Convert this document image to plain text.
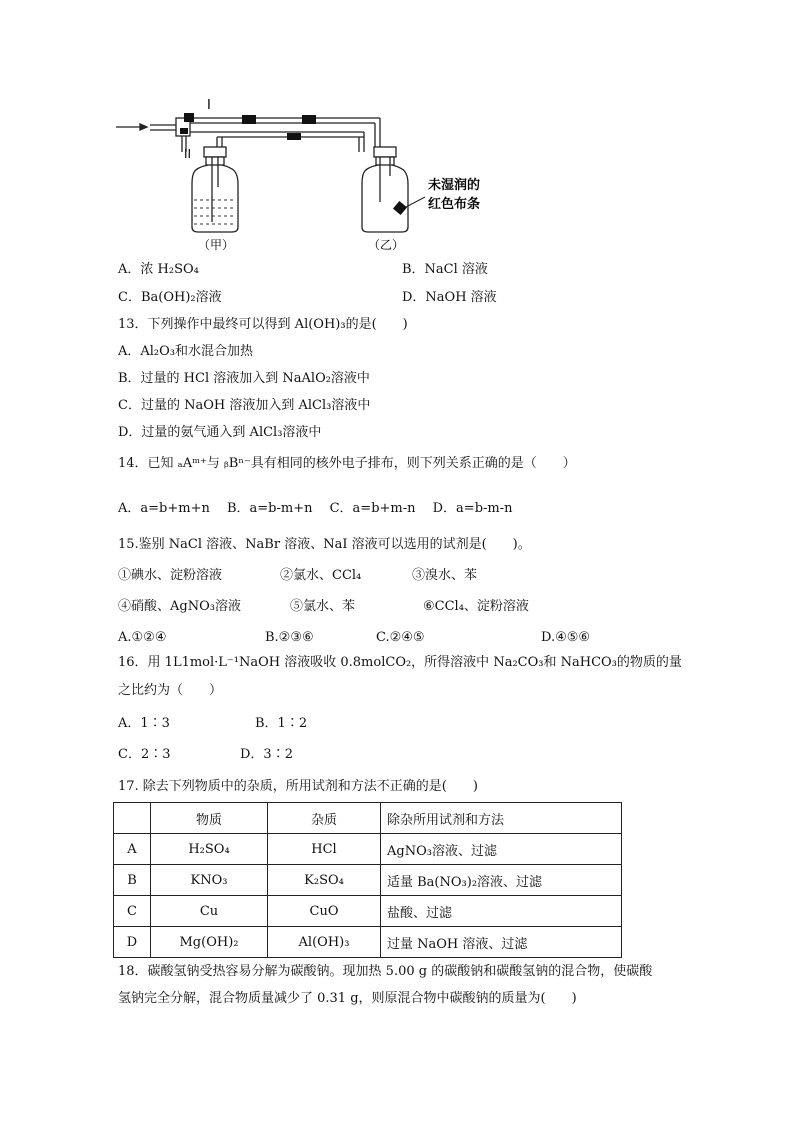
I
II
（甲）	（乙）
未湿润的
红色布条
A．浓 H₂SO₄	B．NaCl 溶液
C．Ba(OH)₂溶液	D．NaOH 溶液
13．下列操作中最终可以得到 Al(OH)₃的是(　　)
A．Al₂O₃和水混合加热
B．过量的 HCl 溶液加入到 NaAlO₂溶液中
C．过量的 NaOH 溶液加入到 AlCl₃溶液中
D．过量的氨气通入到 AlCl₃溶液中
14．已知 ₐAᵐ⁺与 ᵦBⁿ⁻具有相同的核外电子排布，则下列关系正确的是（　　）
A．a=b+m+n　 B．a=b-m+n　 C．a=b+m-n　 D．a=b-m-n
15.鉴别 NaCl 溶液、NaBr 溶液、NaI 溶液可以选用的试剂是(　　)。
①碘水、淀粉溶液	②氯水、CCl₄	③溴水、苯
④硝酸、AgNO₃溶液	⑤氯水、苯	⑥CCl₄、淀粉溶液
A.①②④	B.②③⑥	C.②④⑤	D.④⑤⑥
16．用 1L1mol·L⁻¹NaOH 溶液吸收 0.8molCO₂，所得溶液中 Na₂CO₃和 NaHCO₃的物质的量
之比约为（　　）
A．1∶3	B．1∶2
C．2∶3	D．3∶2
17. 除去下列物质中的杂质，所用试剂和方法不正确的是(　　)
	物质	杂质	除杂所用试剂和方法
A	H₂SO₄	HCl	AgNO₃溶液、过滤
B	KNO₃	K₂SO₄	适量 Ba(NO₃)₂溶液、过滤
C	Cu	CuO	盐酸、过滤
D	Mg(OH)₂	Al(OH)₃	过量 NaOH 溶液、过滤
18．碳酸氢钠受热容易分解为碳酸钠。现加热 5.00 g 的碳酸钠和碳酸氢钠的混合物，使碳酸
氢钠完全分解，混合物质量减少了 0.31 g，则原混合物中碳酸钠的质量为(　　)
